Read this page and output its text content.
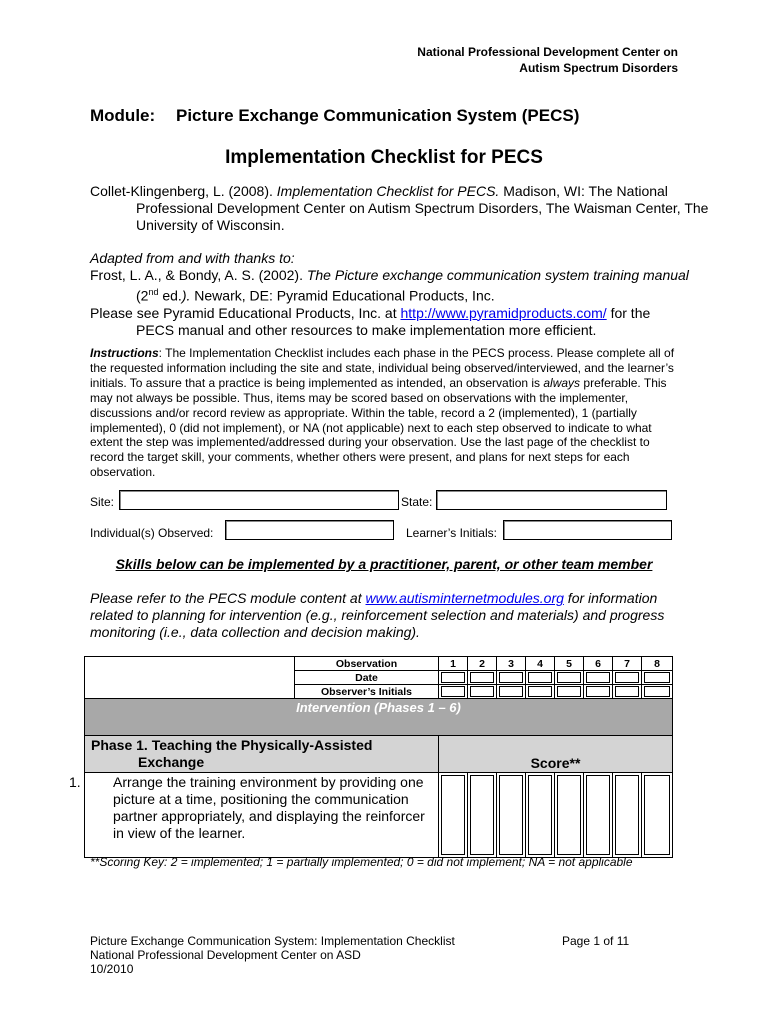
National Professional Development Center on
Autism Spectrum Disorders
Module: Picture Exchange Communication System (PECS)
Implementation Checklist for PECS
Collet-Klingenberg, L. (2008). Implementation Checklist for PECS. Madison, WI: The National Professional Development Center on Autism Spectrum Disorders, The Waisman Center, The University of Wisconsin.
Adapted from and with thanks to:
Frost, L. A., & Bondy, A. S. (2002). The Picture exchange communication system training manual (2nd ed.). Newark, DE: Pyramid Educational Products, Inc.
Please see Pyramid Educational Products, Inc. at http://www.pyramidproducts.com/ for the PECS manual and other resources to make implementation more efficient.
Instructions: The Implementation Checklist includes each phase in the PECS process. Please complete all of the requested information including the site and state, individual being observed/interviewed, and the learner’s initials. To assure that a practice is being implemented as intended, an observation is always preferable. This may not always be possible. Thus, items may be scored based on observations with the implementer, discussions and/or record review as appropriate. Within the table, record a 2 (implemented), 1 (partially implemented), 0 (did not implement), or NA (not applicable) next to each step observed to indicate to what extent the step was implemented/addressed during your observation. Use the last page of the checklist to record the target skill, your comments, whether others were present, and plans for next steps for each observation.
Site:	State:
Individual(s) Observed:	Learner’s Initials:
Skills below can be implemented by a practitioner, parent, or other team member
Please refer to the PECS module content at www.autisminternetmodules.org for information related to planning for intervention (e.g., reinforcement selection and materials) and progress monitoring (i.e., data collection and decision making).
	Observation	1	2	3	4	5	6	7	8
	Date	

	Observer’s Initials	

Intervention (Phases 1 – 6)									

Phase 1. Teaching the Physically-Assisted
Exchange		Score**							

1. Arrange the training environment by providing one picture at a time, positioning the communication partner appropriately, and displaying the reinforcer in view of the learner.									

**Scoring Key: 2 = implemented; 1 = partially implemented; 0 = did not implement; NA = not applicable
Picture Exchange Communication System: Implementation Checklist
National Professional Development Center on ASD
10/2010
Page 1 of 11
